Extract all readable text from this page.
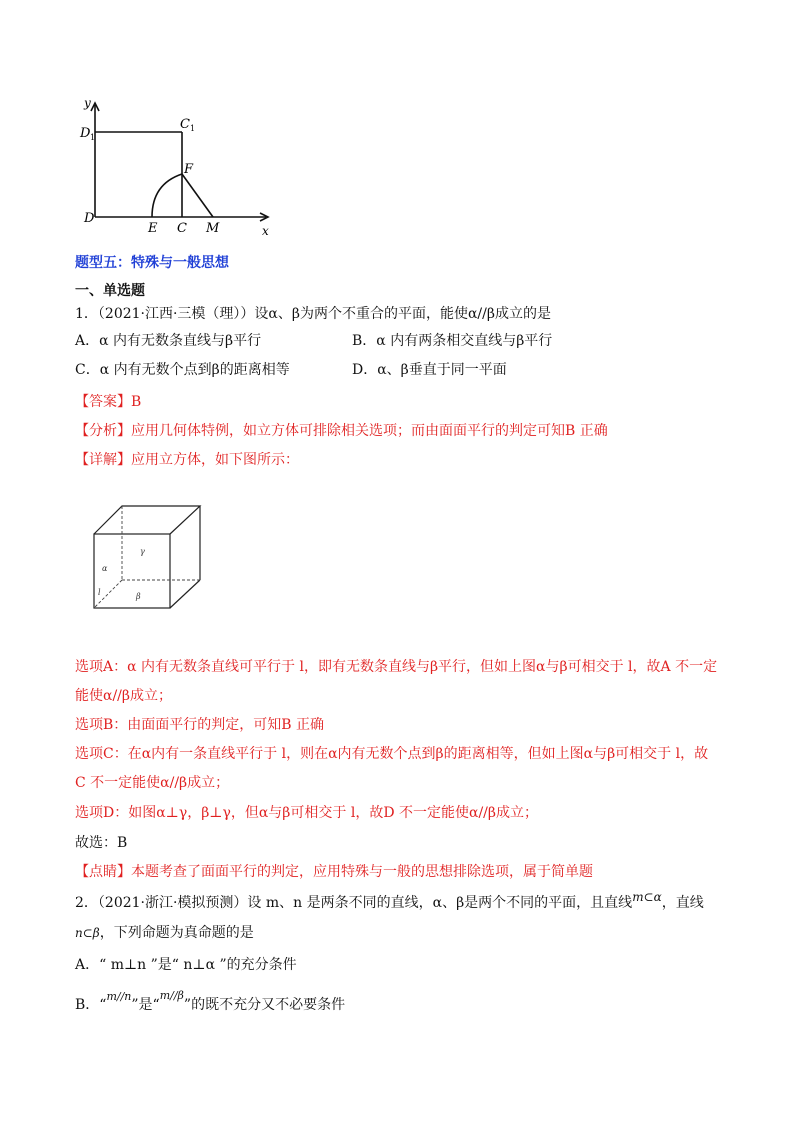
y
D 1
C 1
F
D
E C M	x
题型五：特殊与一般思想
一、单选题
1．（2021·江西·三模（理））设α、β为两个不重合的平面，能使α//β成立的是
A．α 内有无数条直线与β平行	B．α 内有两条相交直线与β平行
C．α 内有无数个点到β的距离相等	D．α、β垂直于同一平面
【答案】B
【分析】应用几何体特例，如立方体可排除相关选项；而由面面平行的判定可知B 正确
【详解】应用立方体，如下图所示：
γ
α
β
l
选项A：α 内有无数条直线可平行于 l，即有无数条直线与β平行，但如上图α与β可相交于 l，故A 不一定
能使α//β成立；
选项B：由面面平行的判定，可知B 正确
选项C：在α内有一条直线平行于 l，则在α内有无数个点到β的距离相等，但如上图α与β可相交于 l，故
C 不一定能使α//β成立；
选项D：如图α⊥γ，β⊥γ，但α与β可相交于 l，故D 不一定能使α//β成立；
故选：B
【点睛】本题考查了面面平行的判定，应用特殊与一般的思想排除选项，属于简单题
2．（2021·浙江·模拟预测）设 m、n 是两条不同的直线，α、β是两个不同的平面，且直线m⊂α，直线
n⊂β，下列命题为真命题的是
A．“ m⊥n ”是“ n⊥α ”的充分条件
B．“$^{m//n}$”是“$^{m//\beta}$”的既不充分又不必要条件
